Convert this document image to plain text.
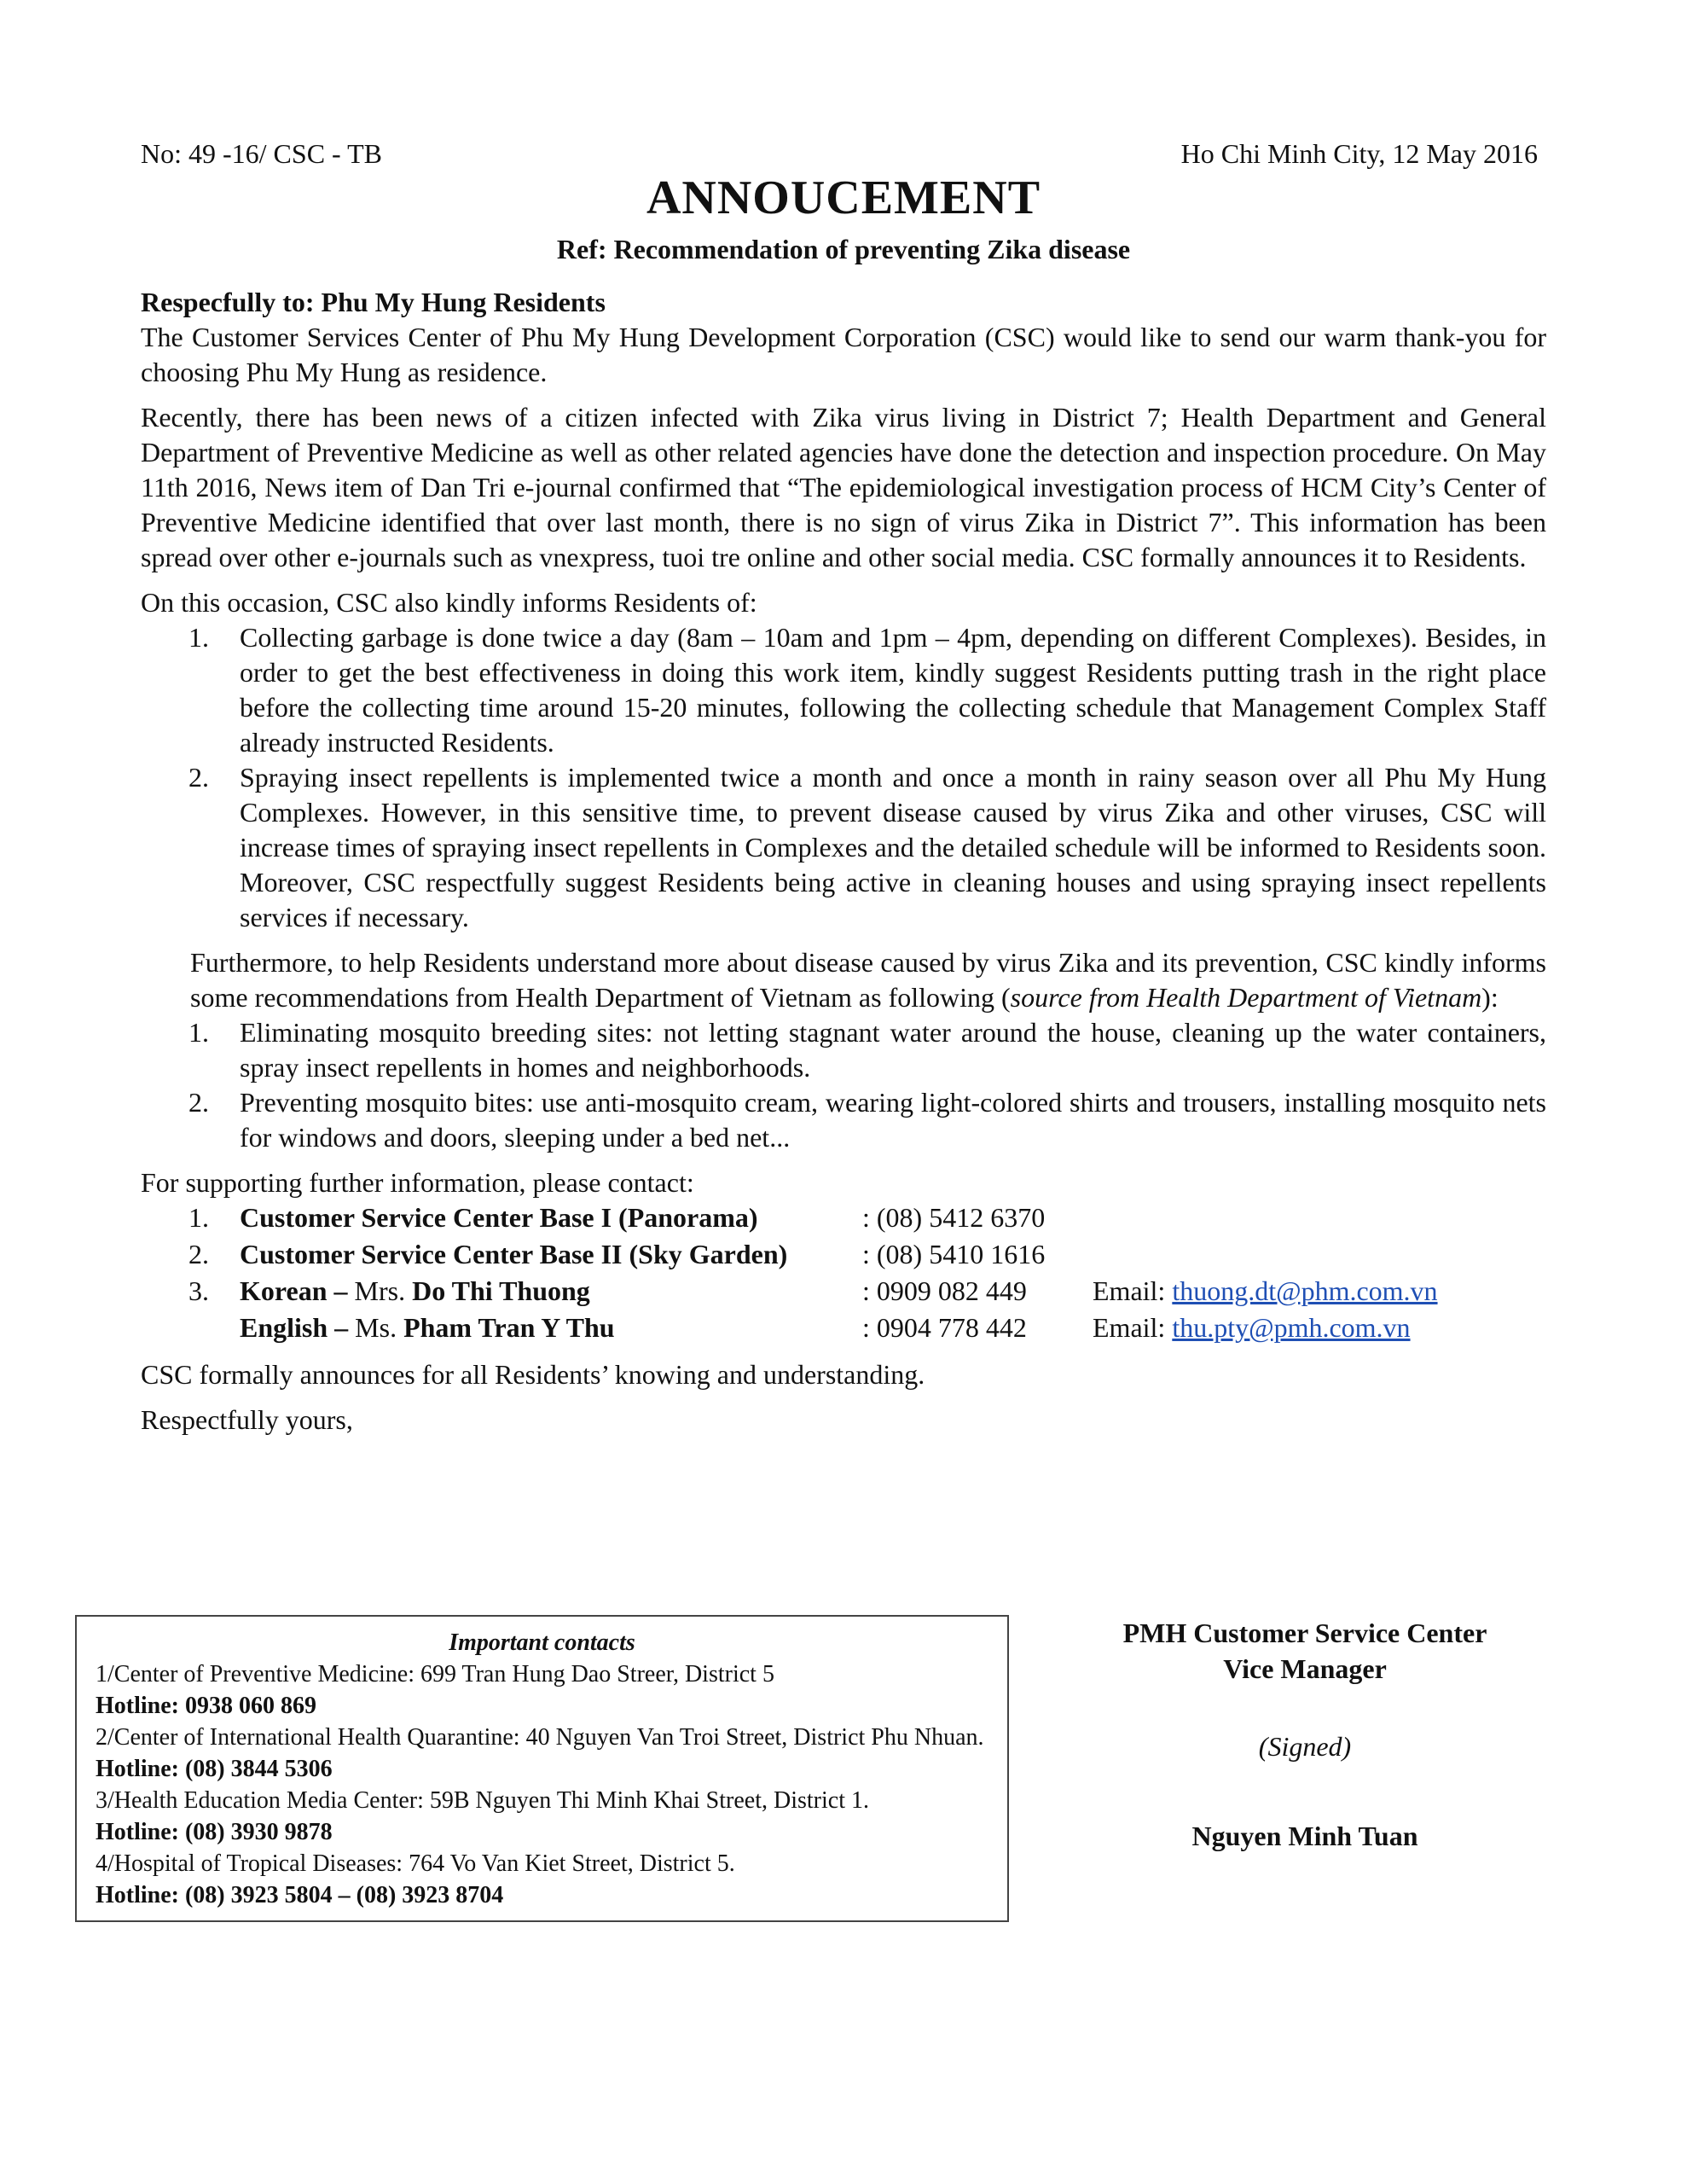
No: 49 -16/ CSC - TB	Ho Chi Minh City, 12 May 2016
ANNOUCEMENT
Ref: Recommendation of preventing Zika disease

Respecfully to: Phu My Hung Residents

The Customer Services Center of Phu My Hung Development Corporation (CSC) would like to send our warm thank-you for choosing Phu My Hung as residence.

Recently, there has been news of a citizen infected with Zika virus living in District 7; Health Department and General Department of Preventive Medicine as well as other related agencies have done the detection and inspection procedure. On May 11th 2016, News item of Dan Tri e-journal confirmed that “The epidemiological investigation process of HCM City’s Center of Preventive Medicine identified that over last month, there is no sign of virus Zika in District 7”. This information has been spread over other e-journals such as vnexpress, tuoi tre online and other social media. CSC formally announces it to Residents.

On this occasion, CSC also kindly informs Residents of:

1. Collecting garbage is done twice a day (8am – 10am and 1pm – 4pm, depending on different Complexes). Besides, in order to get the best effectiveness in doing this work item, kindly suggest Residents putting trash in the right place before the collecting time around 15-20 minutes, following the collecting schedule that Management Complex Staff already instructed Residents.
2. Spraying insect repellents is implemented twice a month and once a month in rainy season over all Phu My Hung Complexes. However, in this sensitive time, to prevent disease caused by virus Zika and other viruses, CSC will increase times of spraying insect repellents in Complexes and the detailed schedule will be informed to Residents soon. Moreover, CSC respectfully suggest Residents being active in cleaning houses and using spraying insect repellents services if necessary.

Furthermore, to help Residents understand more about disease caused by virus Zika and its prevention, CSC kindly informs some recommendations from Health Department of Vietnam as following (source from Health Department of Vietnam):

1. Eliminating mosquito breeding sites: not letting stagnant water around the house, cleaning up the water containers, spray insect repellents in homes and neighborhoods.
2. Preventing mosquito bites: use anti-mosquito cream, wearing light-colored shirts and trousers, installing mosquito nets for windows and doors, sleeping under a bed net...

For supporting further information, please contact:

1.	Customer Service Center Base I (Panorama)	: (08) 5412 6370
2.	Customer Service Center Base II (Sky Garden)	: (08) 5410 1616
3.	Korean – Mrs. Do Thi Thuong	: 0909 082 449	Email: thuong.dt@phm.com.vn
English – Ms. Pham Tran Y Thu	: 0904 778 442	Email: thu.pty@pmh.com.vn

CSC formally announces for all Residents’ knowing and understanding.

Respectfully yours,

Important contacts

1/Center of Preventive Medicine: 699 Tran Hung Dao Streer, District 5
Hotline: 0938 060 869

2/Center of International Health Quarantine: 40 Nguyen Van Troi Street, District Phu Nhuan. Hotline: (08) 3844 5306

3/Health Education Media Center: 59B Nguyen Thi Minh Khai Street, District 1.
Hotline: (08) 3930 9878

4/Hospital of Tropical Diseases: 764 Vo Van Kiet Street, District 5.
Hotline: (08) 3923 5804 – (08) 3923 8704

PMH Customer Service Center
Vice Manager
(Signed)
Nguyen Minh Tuan
